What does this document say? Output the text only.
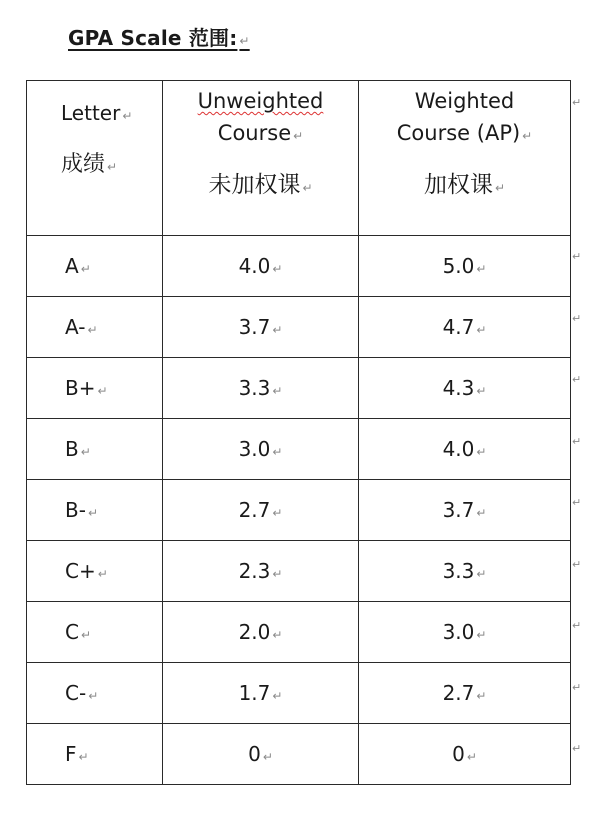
GPA Scale 范围: ↵
Letter ↵
成绩 ↵	Unweighted
Course ↵
未加权课 ↵	Weighted
Course (AP) ↵
加权课 ↵

A ↵	4.0 ↵	5.0 ↵
A- ↵	3.7 ↵	4.7 ↵
B+ ↵	3.3 ↵	4.3 ↵
B ↵	3.0 ↵	4.0 ↵
B- ↵	2.7 ↵	3.7 ↵
C+ ↵	2.3 ↵	3.3 ↵
C ↵	2.0 ↵	3.0 ↵
C- ↵	1.7 ↵	2.7 ↵
F ↵	0 ↵	0 ↵
↵
↵
↵
↵
↵
↵
↵
↵
↵
↵
